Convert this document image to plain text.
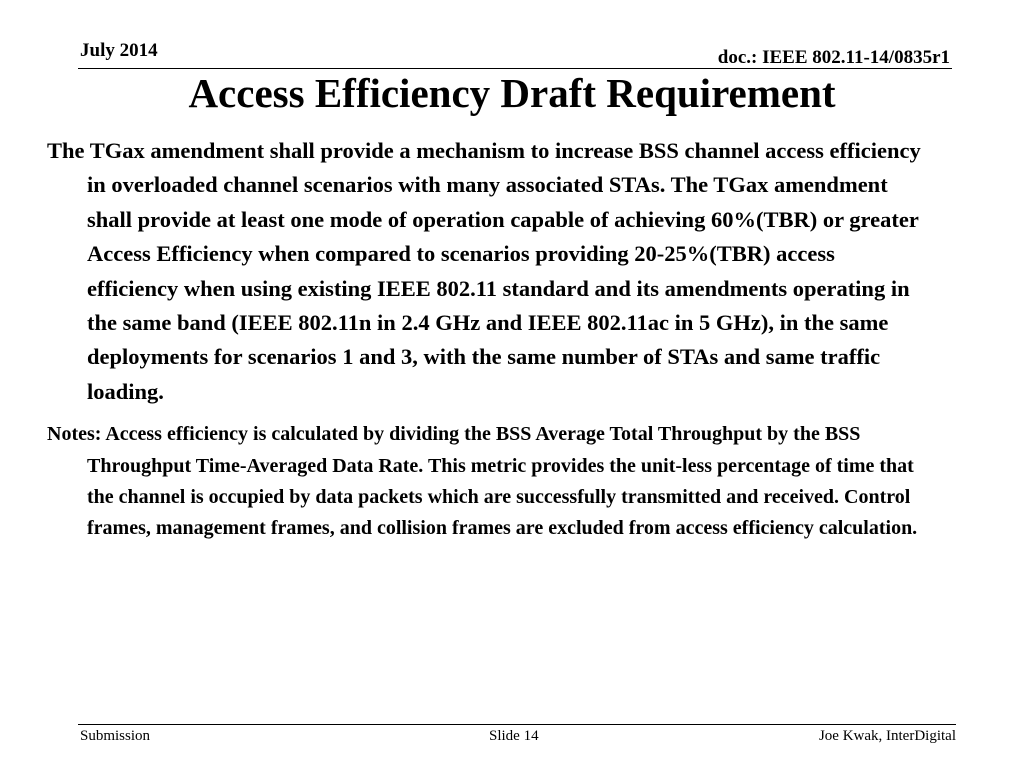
July 2014	doc.: IEEE 802.11-14/0835r1
Access Efficiency Draft Requirement

The TGax amendment shall provide a mechanism to increase BSS channel access efficiency in overloaded channel scenarios with many associated STAs. The TGax amendment shall provide at least one mode of operation capable of achieving 60%(TBR) or greater Access Efficiency when compared to scenarios providing 20-25%(TBR) access efficiency when using existing IEEE 802.11 standard and its amendments operating in the same band (IEEE 802.11n in 2.4 GHz and IEEE 802.11ac in 5 GHz), in the same deployments for scenarios 1 and 3, with the same number of STAs and same traffic loading.

Notes: Access efficiency is calculated by dividing the BSS Average Total Throughput by the BSS Throughput Time-Averaged Data Rate. This metric provides the unit-less percentage of time that the channel is occupied by data packets which are successfully transmitted and received. Control frames, management frames, and collision frames are excluded from access efficiency calculation.

Submission	Slide 14	Joe Kwak, InterDigital
